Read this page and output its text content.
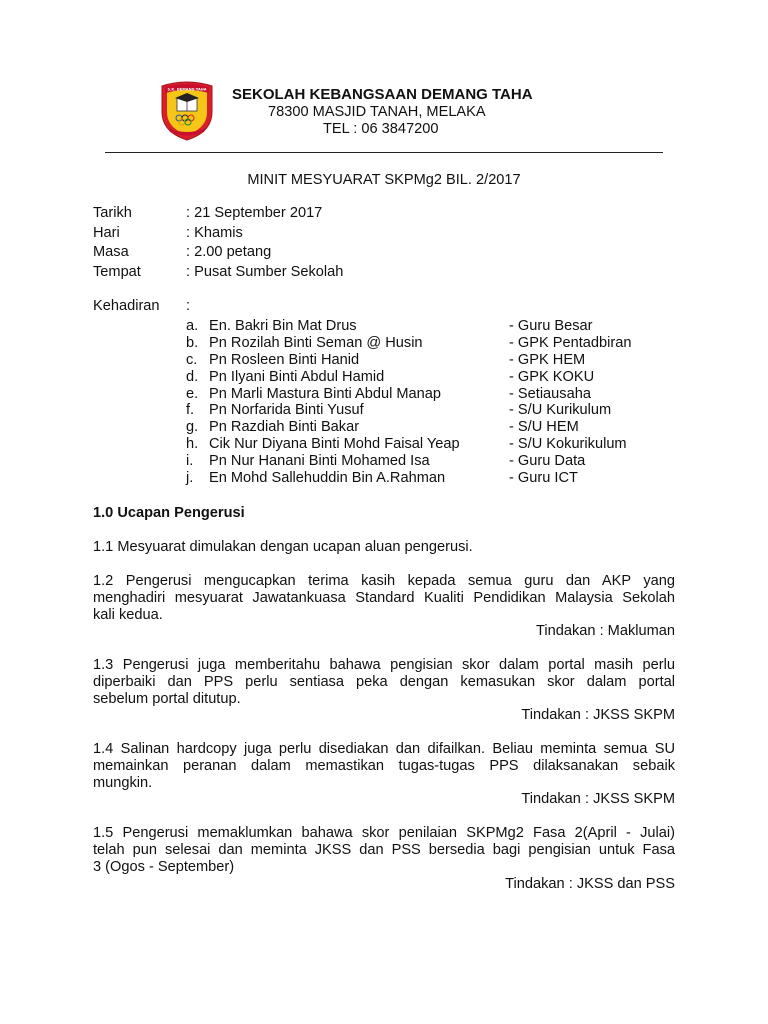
S.K. DEMANG TAHA SEKOLAH KEBANGSAAN DEMANG TAHA
78300 MASJID TANAH, MELAKA
TEL : 06 3847200
MINIT MESYUARAT SKPMg2 BIL. 2/2017
Tarikh	: 21 September 2017
Hari	: Khamis
Masa	: 2.00 petang
Tempat	: Pusat Sumber Sekolah
Kehadiran :
a. En. Bakri Bin Mat Drus	- Guru Besar
b. Pn Rozilah Binti Seman @ Husin	- GPK Pentadbiran
c. Pn Rosleen Binti Hanid	- GPK HEM
d. Pn Ilyani Binti Abdul Hamid	- GPK KOKU
e. Pn Marli Mastura Binti Abdul Manap	- Setiausaha
f. Pn Norfarida Binti Yusuf	- S/U Kurikulum
g. Pn Razdiah Binti Bakar	- S/U HEM
h. Cik Nur Diyana Binti Mohd Faisal Yeap	- S/U Kokurikulum
i. Pn Nur Hanani Binti Mohamed Isa	- Guru Data
j. En Mohd Sallehuddin Bin A.Rahman	- Guru ICT
1.0 Ucapan Pengerusi
1.1 Mesyuarat dimulakan dengan ucapan aluan pengerusi.
1.2 Pengerusi mengucapkan terima kasih kepada semua guru dan AKP yang
menghadiri mesyuarat Jawatankuasa Standard Kualiti Pendidikan Malaysia Sekolah
kali kedua.
Tindakan : Makluman
1.3 Pengerusi juga memberitahu bahawa pengisian skor dalam portal masih perlu
diperbaiki dan PPS perlu sentiasa peka dengan kemasukan skor dalam portal
sebelum portal ditutup.
Tindakan : JKSS SKPM
1.4 Salinan hardcopy juga perlu disediakan dan difailkan. Beliau meminta semua SU
memainkan peranan dalam memastikan tugas-tugas PPS dilaksanakan sebaik
mungkin.
Tindakan : JKSS SKPM
1.5 Pengerusi memaklumkan bahawa skor penilaian SKPMg2 Fasa 2(April - Julai)
telah pun selesai dan meminta JKSS dan PSS bersedia bagi pengisian untuk Fasa
3 (Ogos - September)
Tindakan : JKSS dan PSS
